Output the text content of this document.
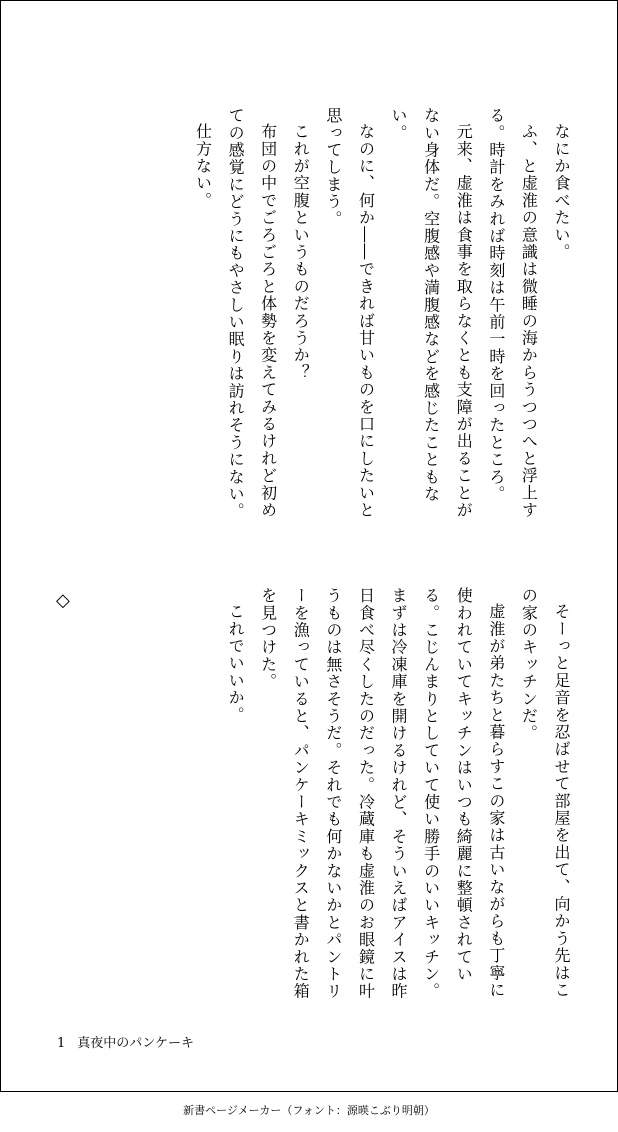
なにか食べたい。

ふ、と虚淮の意識は微睡の海からうつつへと浮上する。時計をみれば時刻は午前一時を回ったところ。

元来、虚淮は食事を取らなくとも支障が出ることがない身体だ。空腹感や満腹感などを感じたこともない。

なのに、何か――できれば甘いものを口にしたいと思ってしまう。

これが空腹というものだろうか？

布団の中でごろごろと体勢を変えてみるけれど初めての感覚にどうにもやさしい眠りは訪れそうにない。

仕方ない。

◇

そーっと足音を忍ばせて部屋を出て、向かう先はこの家のキッチンだ。

虚淮が弟たちと暮らすこの家は古いながらも丁寧に使われていてキッチンはいつも綺麗に整頓されている。こじんまりとしていて使い勝手のいいキッチン。まずは冷凍庫を開けるけれど、そういえばアイスは昨日食べ尽くしたのだった。冷蔵庫も虚淮のお眼鏡に叶うものは無さそうだ。それでも何かないかとパントリーを漁っていると、パンケーキミックスと書かれた箱を見つけた。

これでいいか。

1 真夜中のパンケーキ
新書ページメーカー（フォント：源暎こぶり明朝）
